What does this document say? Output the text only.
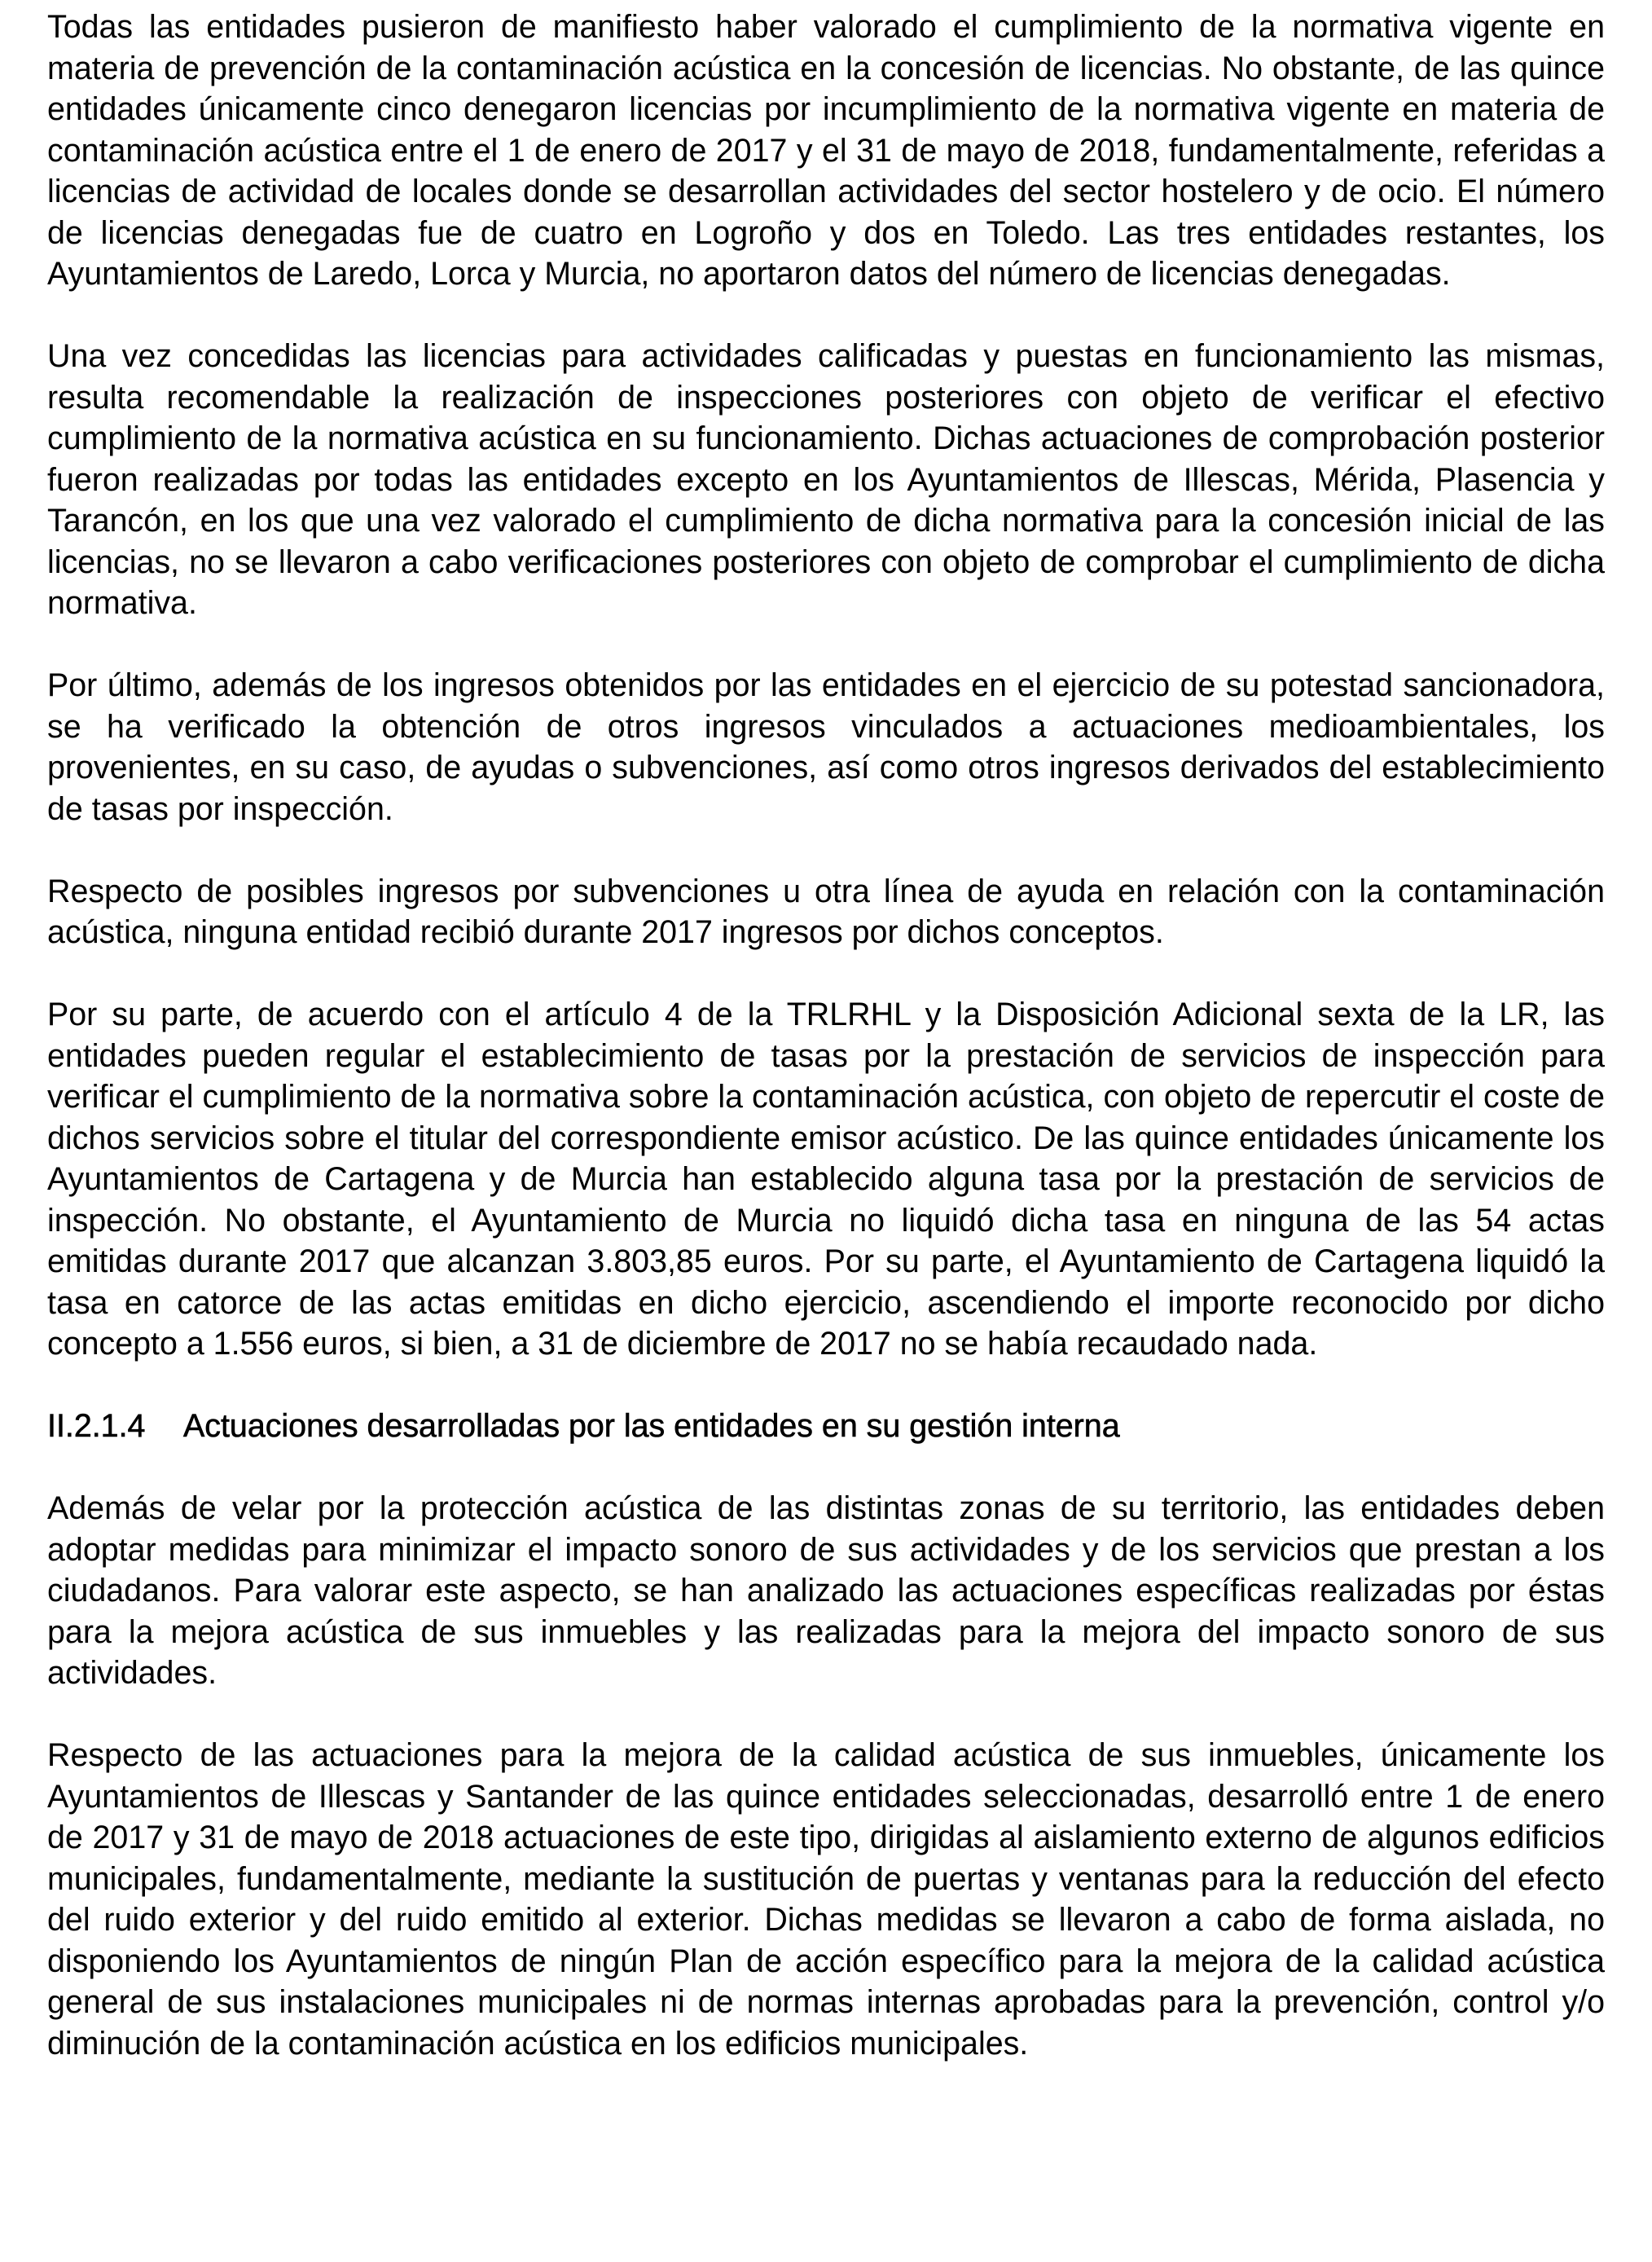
Todas las entidades pusieron de manifiesto haber valorado el cumplimiento de la normativa vigente en materia de prevención de la contaminación acústica en la concesión de licencias. No obstante, de las quince entidades únicamente cinco denegaron licencias por incumplimiento de la normativa vigente en materia de contaminación acústica entre el 1 de enero de 2017 y el 31 de mayo de 2018, fundamentalmente, referidas a licencias de actividad de locales donde se desarrollan actividades del sector hostelero y de ocio. El número de licencias denegadas fue de cuatro en Logroño y dos en Toledo. Las tres entidades restantes, los Ayuntamientos de Laredo, Lorca y Murcia, no aportaron datos del número de licencias denegadas.

Una vez concedidas las licencias para actividades calificadas y puestas en funcionamiento las mismas, resulta recomendable la realización de inspecciones posteriores con objeto de verificar el efectivo cumplimiento de la normativa acústica en su funcionamiento. Dichas actuaciones de comprobación posterior fueron realizadas por todas las entidades excepto en los Ayuntamientos de Illescas, Mérida, Plasencia y Tarancón, en los que una vez valorado el cumplimiento de dicha normativa para la concesión inicial de las licencias, no se llevaron a cabo verificaciones posteriores con objeto de comprobar el cumplimiento de dicha normativa.

Por último, además de los ingresos obtenidos por las entidades en el ejercicio de su potestad sancionadora, se ha verificado la obtención de otros ingresos vinculados a actuaciones medioambientales, los provenientes, en su caso, de ayudas o subvenciones, así como otros ingresos derivados del establecimiento de tasas por inspección.

Respecto de posibles ingresos por subvenciones u otra línea de ayuda en relación con la contaminación acústica, ninguna entidad recibió durante 2017 ingresos por dichos conceptos.

Por su parte, de acuerdo con el artículo 4 de la TRLRHL y la Disposición Adicional sexta de la LR, las entidades pueden regular el establecimiento de tasas por la prestación de servicios de inspección para verificar el cumplimiento de la normativa sobre la contaminación acústica, con objeto de repercutir el coste de dichos servicios sobre el titular del correspondiente emisor acústico. De las quince entidades únicamente los Ayuntamientos de Cartagena y de Murcia han establecido alguna tasa por la prestación de servicios de inspección. No obstante, el Ayuntamiento de Murcia no liquidó dicha tasa en ninguna de las 54 actas emitidas durante 2017 que alcanzan 3.803,85 euros. Por su parte, el Ayuntamiento de Cartagena liquidó la tasa en catorce de las actas emitidas en dicho ejercicio, ascendiendo el importe reconocido por dicho concepto a 1.556 euros, si bien, a 31 de diciembre de 2017 no se había recaudado nada.

II.2.1.4 Actuaciones desarrolladas por las entidades en su gestión interna

Además de velar por la protección acústica de las distintas zonas de su territorio, las entidades deben adoptar medidas para minimizar el impacto sonoro de sus actividades y de los servicios que prestan a los ciudadanos. Para valorar este aspecto, se han analizado las actuaciones específicas realizadas por éstas para la mejora acústica de sus inmuebles y las realizadas para la mejora del impacto sonoro de sus actividades.

Respecto de las actuaciones para la mejora de la calidad acústica de sus inmuebles, únicamente los Ayuntamientos de Illescas y Santander de las quince entidades seleccionadas, desarrolló entre 1 de enero de 2017 y 31 de mayo de 2018 actuaciones de este tipo, dirigidas al aislamiento externo de algunos edificios municipales, fundamentalmente, mediante la sustitución de puertas y ventanas para la reducción del efecto del ruido exterior y del ruido emitido al exterior. Dichas medidas se llevaron a cabo de forma aislada, no disponiendo los Ayuntamientos de ningún Plan de acción específico para la mejora de la calidad acústica general de sus instalaciones municipales ni de normas internas aprobadas para la prevención, control y/o diminución de la contaminación acústica en los edificios municipales.
